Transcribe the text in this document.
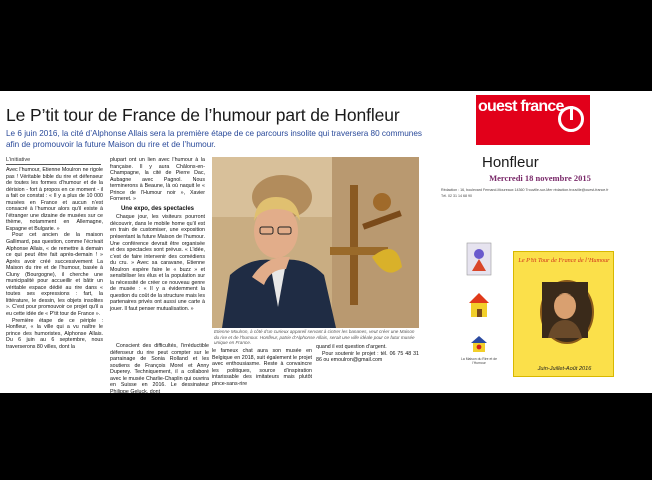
Le P’tit tour de France de l’humour part de Honfleur
Le 6 juin 2016, la cité d’Alphonse Allais sera la première étape de ce parcours insolite qui traversera 80 communes afin de promouvoir la future Maison du rire et de l’humour.
L’initiative

Avec l’humour, Etienne Moulron ne rigole pas ! Véritable bible du rire et défenseur de toutes les formes d’humour et de la dérision - fort à propos en ce moment - il a fait ce constat : « Il y a plus de 10 000 musées en France et aucun n’est consacré à l’humour alors qu’il existe à l’étranger une dizaine de musées sur ce thème, notamment en Allemagne, Espagne et Bulgarie. »

Pour cet ancien de la maison Gallimard, pas question, comme l’écrivait Alphonse Allais, « de remettre à demain ce qui peut être fait après-demain ! » Après avoir créé successivement La Maison du rire et de l’humour, basée à Cluny (Bourgogne), il cherche une municipalité pour accueillir et bâtir un véritable espace dédié au rire dans « toutes ses expressions : fart, la littérature, le dessin, les objets insolites ». C’est pour promouvoir ce projet qu’il a eu cette idée de « P’tit tour de France ».

Première étape de ce périple : Honfleur, « la ville qui a vu naître le prince des humoristes, Alphonse Allais. Du 6 juin au 6 septembre, nous traverserons 80 villes, dont la

plupart ont un lien avec l’humour à la française. Il y aura Châlons-en-Champagne, la cité de Pierre Dac, Aubagne avec Pagnol. Nous terminerons à Beaune, là où naquit le « Prince de l’Humour noir », Xavier Forneret. »

Une expo, des spectacles

Chaque jour, les visiteurs pourront découvrir, dans le mobile home qu’il est en train de customiser, une exposition présentant la future Maison de l’humour. Une conférence devrait être organisée et des spectacles sont prévus. « L’idée, c’est de faire intervenir des comédiens du cru. » Avec sa caravane, Etienne Moulron espère faire le « buzz » et sensibiliser les élus et la population sur la nécessité de créer ce nouveau genre de musée : « Il y a évidemment la question du coût de la structure mais les partenaires privés ont aussi une carte à jouer. Il faut penser mutualisation. »

Conscient des difficultés, l’irréductible défenseur du rire peut compter sur le parrainage de Sonia Rolland et les soutiens de François Morel et Anny Duperey. Techniquement, il a collaboré avec le musée Charlie-Chaplin qui ouvrira en Suisse en 2016. Le dessinateur Philippe Geluck, dont

Etienne Moulron, à côté d’un curieux appareil servant à cintrer les bananes, veut créer une Maison du rire et de l’humour. Honfleur, patrie d’Alphonse Allais, serait une ville idéale pour ce futur musée unique en France.

le fameux chat aura son musée en Belgique en 2018, suit également le projet avec enthousiasme. Reste à convaincre les politiques, source d’inspiration intarissable des imitateurs mais plutôt pince-sans-rire

quand il est question d’argent.

Pour soutenir le projet : tél. 06 75 48 31 86 ou emoulron@gmail.com

ouest france
Honfleur
Mercredi 18 novembre 2015
Rédaction : 16, boulevard Fernand-Moureaux 14360 Trouville-sur-Mer rédaction.trouville@ouest-france.fr
Tél. 02 31 14 68 90
La Maison du Rire et de l’Humour
Le P’tit Tour de France de l’Humour
Juin-Juillet-Août 2016
